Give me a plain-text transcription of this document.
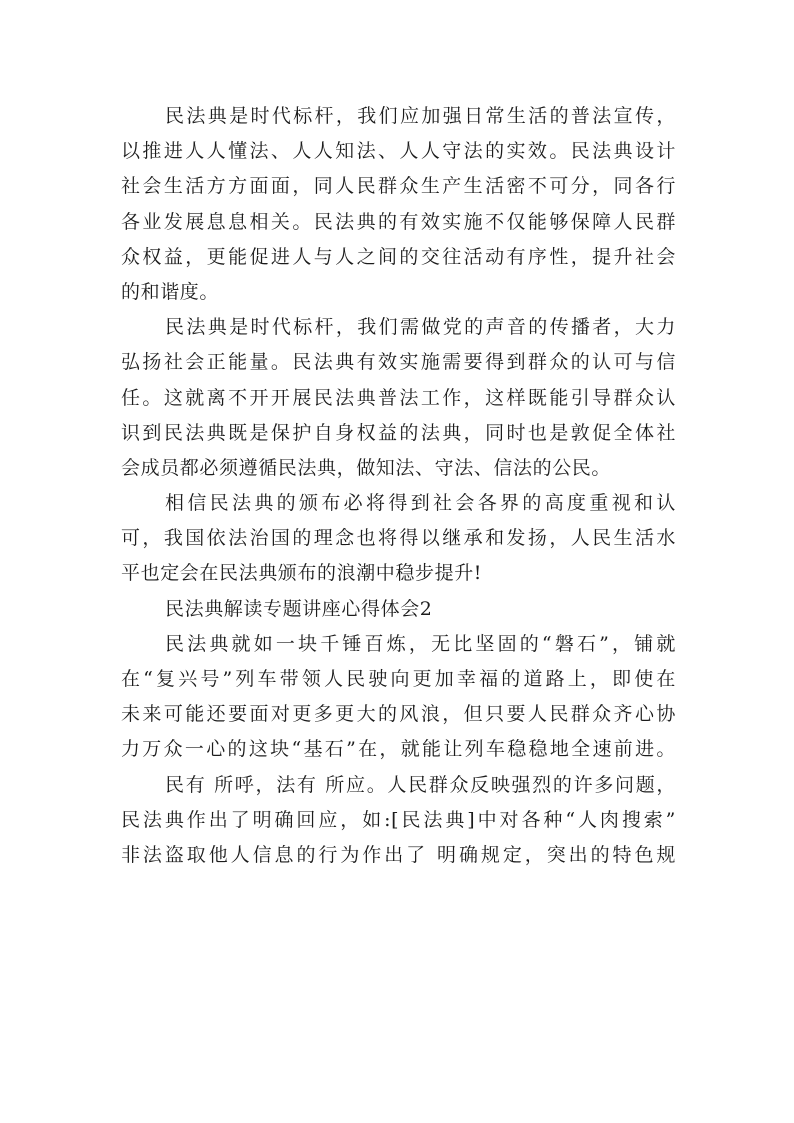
民法典是时代标杆，我们应加强日常生活的普法宣传，
以推进人人懂法、人人知法、人人守法的实效。民法典设计
社会生活方方面面，同人民群众生产生活密不可分，同各行
各业发展息息相关。民法典的有效实施不仅能够保障人民群
众权益，更能促进人与人之间的交往活动有序性，提升社会
的和谐度。
民法典是时代标杆，我们需做党的声音的传播者，大力
弘扬社会正能量。民法典有效实施需要得到群众的认可与信
任。这就离不开开展民法典普法工作，这样既能引导群众认
识到民法典既是保护自身权益的法典，同时也是敦促全体社
会成员都必须遵循民法典，做知法、守法、信法的公民。
相信民法典的颁布必将得到社会各界的高度重视和认
可，我国依法治国的理念也将得以继承和发扬，人民生活水
平也定会在民法典颁布的浪潮中稳步提升!
民法典解读专题讲座心得体会2
民法典就如一块千锤百炼，无比坚固的“磐石”，铺就
在“复兴号”列车带领人民驶向更加幸福的道路上，即使在
未来可能还要面对更多更大的风浪，但只要人民群众齐心协
力万众一心的这块“基石”在，就能让列车稳稳地全速前进。
民有 所呼，法有 所应。人民群众反映强烈的许多问题，
民法典作出了明确回应，如:[民法典]中对各种“人肉搜索”
非法盗取他人信息的行为作出了 明确规定，突出的特色规
